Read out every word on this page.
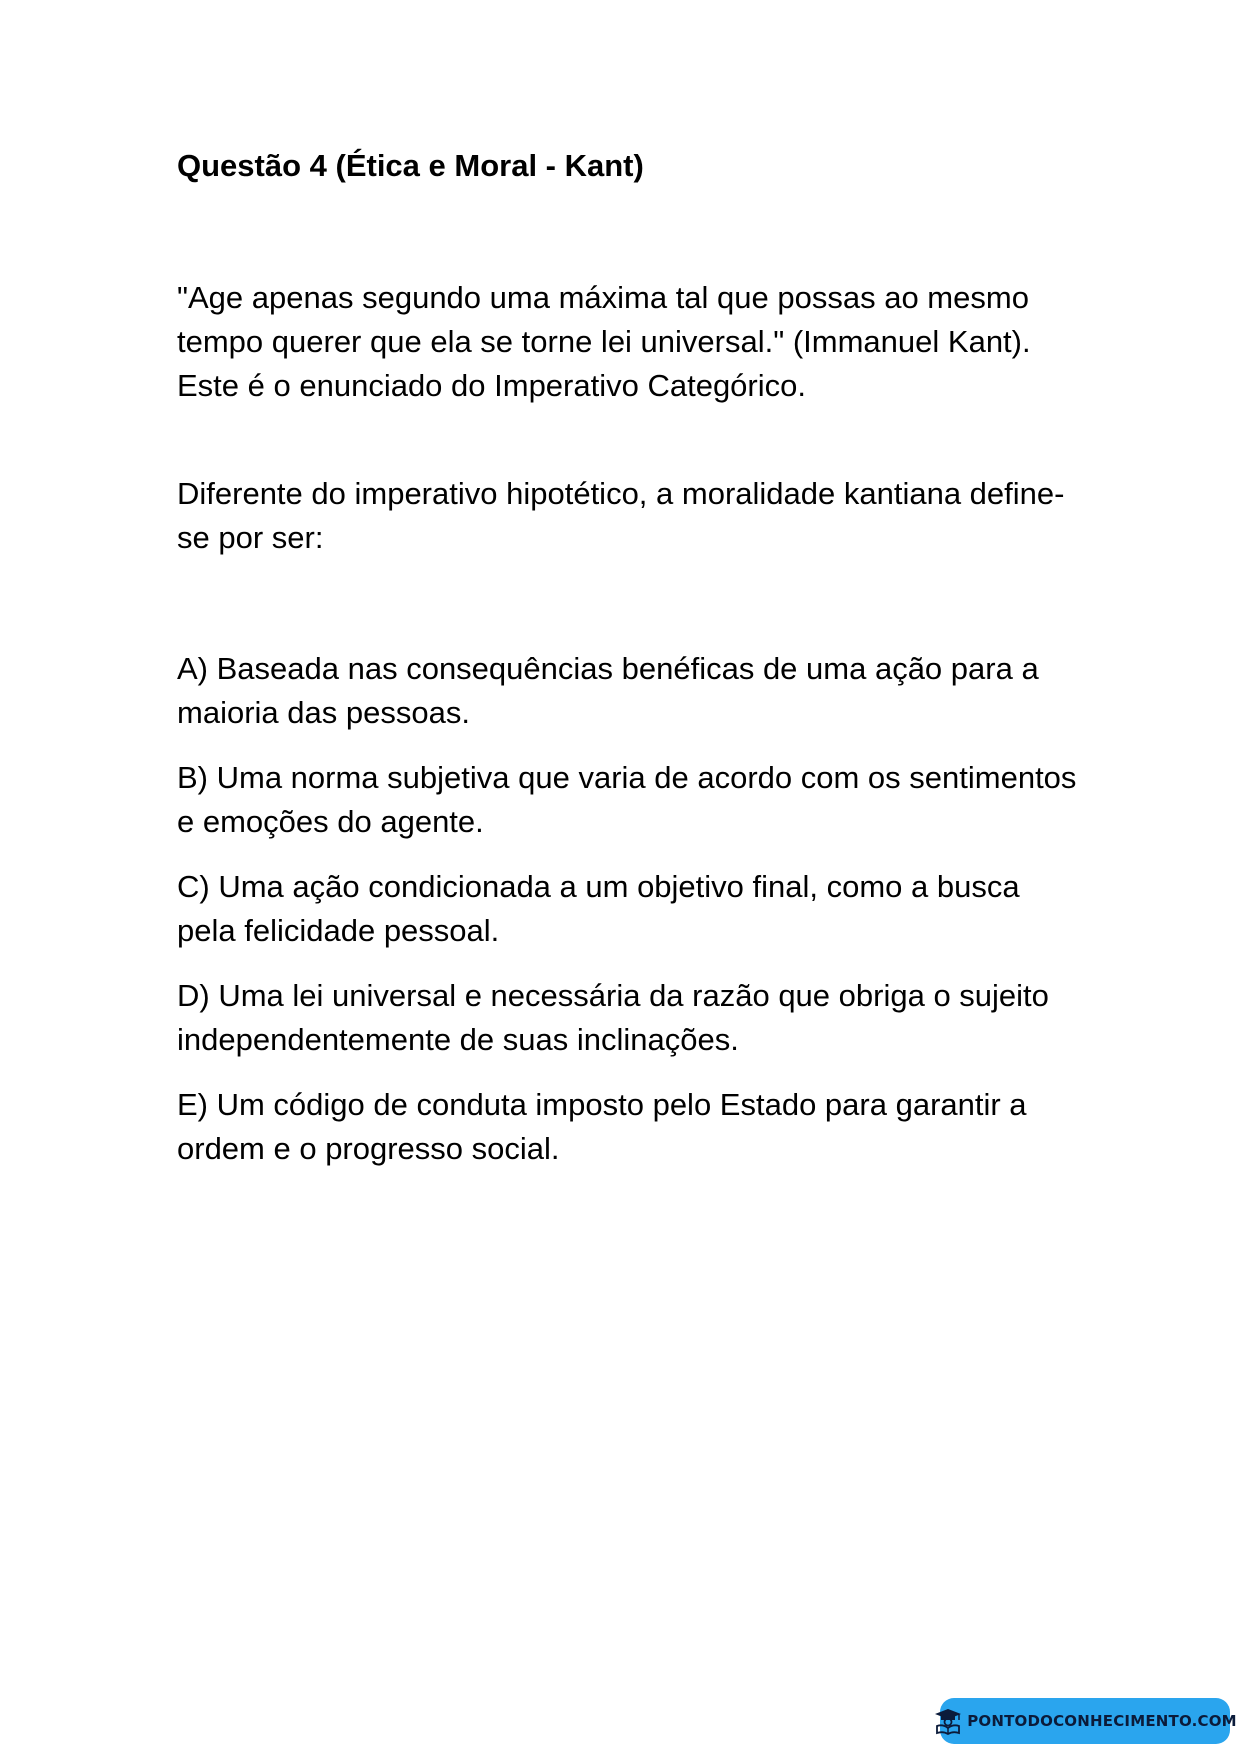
Questão 4 (Ética e Moral - Kant)

"Age apenas segundo uma máxima tal que possas ao mesmo tempo querer que ela se torne lei universal." (Immanuel Kant). Este é o enunciado do Imperativo Categórico.

Diferente do imperativo hipotético, a moralidade kantiana define-se por ser:

A) Baseada nas consequências benéficas de uma ação para a maioria das pessoas.

B) Uma norma subjetiva que varia de acordo com os sentimentos e emoções do agente.

C) Uma ação condicionada a um objetivo final, como a busca pela felicidade pessoal.

D) Uma lei universal e necessária da razão que obriga o sujeito independentemente de suas inclinações.

E) Um código de conduta imposto pelo Estado para garantir a ordem e o progresso social.

PONTODOCONHECIMENTO.COM
